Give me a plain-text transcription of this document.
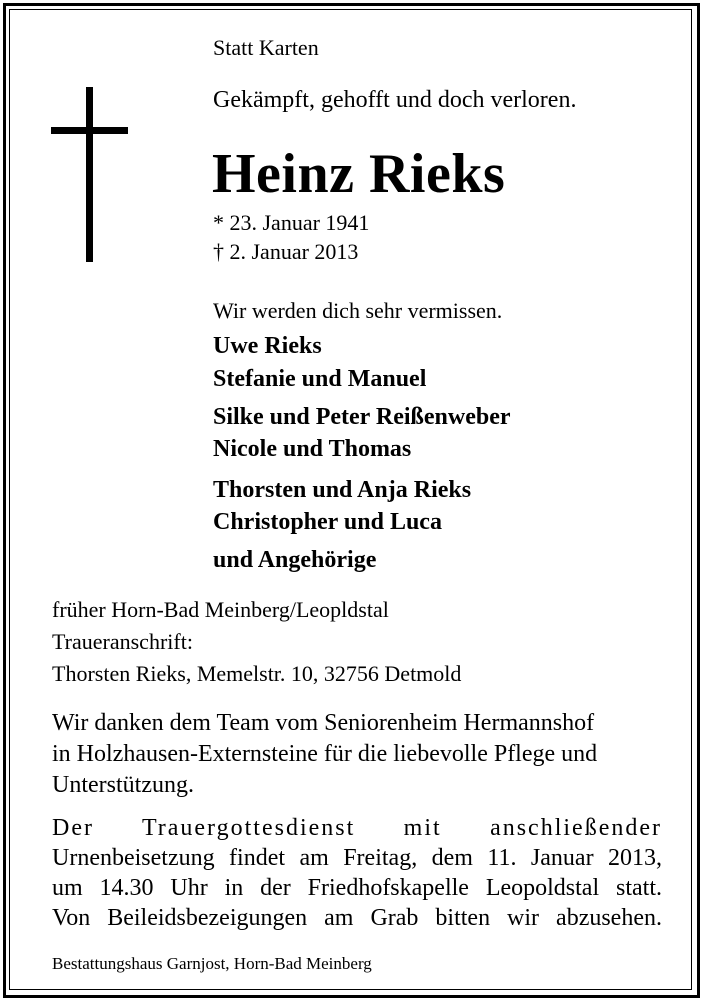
Statt Karten
Gekämpft, gehofft und doch verloren.
Heinz Rieks
* 23. Januar 1941
† 2. Januar 2013
Wir werden dich sehr vermissen.
Uwe Rieks
Stefanie und Manuel
Silke und Peter Reißenweber
Nicole und Thomas
Thorsten und Anja Rieks
Christopher und Luca
und Angehörige
früher Horn-Bad Meinberg/Leopldstal
Traueranschrift:
Thorsten Rieks, Memelstr. 10, 32756 Detmold
Wir danken dem Team vom Seniorenheim Hermannshof
in Holzhausen-Externsteine für die liebevolle Pflege und
Unterstützung.
Der Trauergottesdienst mit anschließender
Urnenbeisetzung findet am Freitag, dem 11. Januar 2013,
um 14.30 Uhr in der Friedhofskapelle Leopoldstal statt.
Von Beileidsbezeigungen am Grab bitten wir abzusehen.
Bestattungshaus Garnjost, Horn-Bad Meinberg
